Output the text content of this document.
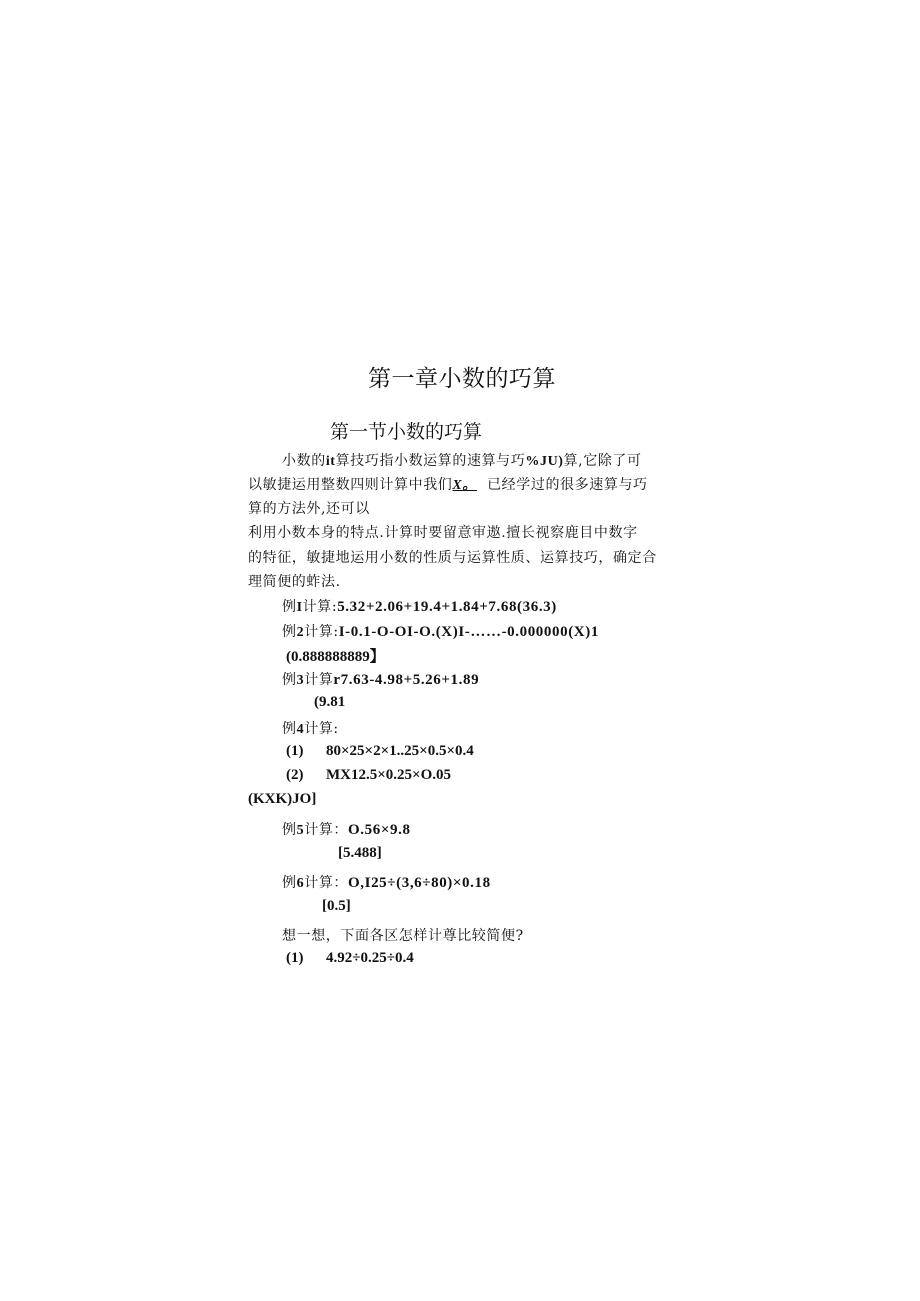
第一章小数的巧算
第一节小数的巧算
小数的it算技巧指小数运算的速算与巧%JU)算,它除了可
以敏捷运用整数四则计算中我们X。 已经学过的很多速算与巧
算的方法外,还可以
利用小数本身的特点.计算时要留意审遨.擅长视察鹿目中数字
的特征，敏捷地运用小数的性质与运算性质、运算技巧，确定合
理简便的蚱法.
例I计算:5.32+2.06+19.4+1.84+7.68(36.3)
例2计算:I-0.1-O-OI-O.(X)I-……-0.000000(X)1
(0.888888889】
例3计算r7.63-4.98+5.26+1.89
(9.81
例4计算:
(1) 80×25×2×1..25×0.5×0.4
(2) MX12.5×0.25×O.05
(KXK)JO]
例5计算：O.56×9.8
[5.488]
例6计算：O,I25÷(3,6÷80)×0.18
[0.5]
想一想，下面各区怎样计尊比较简便?
(1) 4.92÷0.25÷0.4
